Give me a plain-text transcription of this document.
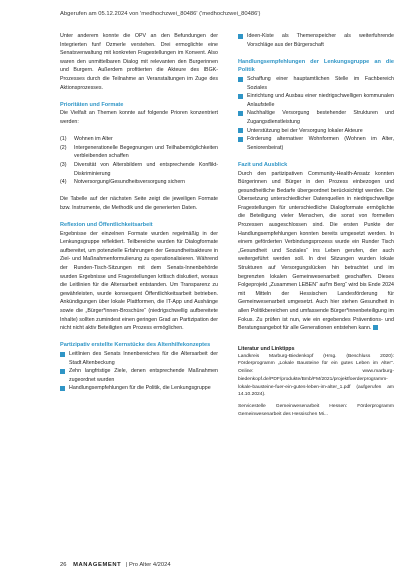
Abgerufen am 05.12.2024 von 'medhochzwei_80486' ('medhochzwei_80486')

Unter anderem konnte die OPV an den Befundungen der Integrierten funf Ozmerle verstehen. Drei ermoglichte eine Senatsverwaltung mit konkreten Fragestellungen im Konvent. Also waren den unmittelbaren Dialog mit relevanten den Burgerinnen und Burgern. Außerdem profitierten die Akteure des IBGK-Prozesses durch die Teilnahme an Veranstaltungen im Zuge des Aktionsprozesses.

Prioritäten und Formate

Die Vielfalt an Themen konnte auf folgende Prioren konzentriert werden:

(1)	Wohnen im Alter
(2)	Intergenerationelle Begegnungen und Teilhabemöglichkeiten verbleibenden schaffen
(3)	Diversität von Altersbildern und entsprechende Konflikt-Diskriminierung
(4)	Notversorgung/Gesundheitsversorgung sichern

Die Tabelle auf der nächsten Seite zeigt die jeweiligen Formate bzw. Instrumente, die Methodik und die generierten Daten.

Reflexion und Öffentlichkeitsarbeit

Ergebnisse der einzelnen Formate wurden regelmäßig in der Lenkungsgruppe reflektiert. Teilbereiche wurden für Dialogformate aufbereitet, um potenzielle Erfahrungen der Gesundheitsakteure in Ziel- und Maßnahmenformulierung zu operationalisieren. Während der Runden-Tisch-Sitzungen mit dem Senats-Innenbehörde wurden Ergebnisse und Fragestellungen kritisch diskutiert, woraus die Leitlinien für die Altersarbeit entstanden. Um Transparenz zu gewährleisten, wurde konsequent Öffentlichkeitsarbeit betrieben. Ankündigungen über lokale Plattformen, die IT-App und Aushänge sowie die „Bürger*innen-Broschüre“ (niedrigschwellig aufbereitete Inhalte) sollten zumindest einen geringen Grad an Partizipation der nicht nicht aktiv Beteiligten am Prozess ermöglichen.

Partizipativ erstellte Kernstücke des Altenhilfekonzeptes
Leitlinien des Senats Innenbereiches für die Altersarbeit der Stadt Altenbeckung
Zehn langfristige Ziele, denen entsprechende Maßnahmen zugeordnet wurden
Handlungsempfehlungen für die Politik, die Lenkungsgruppe
Ideen-Kiste als Themenspeicher als weiterfuhrende Vorschläge aus der Bürgerschaft
Handlungsempfehlungen der Lenkungsgruppe an die Politik
Schaffung einer hauptamtlichen Stelle im Fachbereich Soziales
Einrichtung und Ausbau einer niedrigschwelligen kommunalen Anlaufstelle
Nachhaltige Versorgung bestehender Strukturen und Zugangsdienstleistung
Unterstützung bei der Versorgung lokaler Akteure
Förderung alternativer Wohnformen (Wohnen im Alter, Seniorenbeirat)
Fazit und Ausblick

Durch den partizipativen Community-Health-Ansatz konnten Bürgerinnen und Bürger in den Prozess einbezogen und gesundheitliche Bedarfe übergeordnet berücksichtigt werden. Die Übersetzung unterschiedlicher Datenquellen in niedrigschwellige Fragestellungen für unterschiedliche Dialogformate ermöglichte die Beteiligung vieler Menschen, die sonst von formellen Prozessen ausgeschlossen sind. Die ersten Punkte der Handlungsempfehlungen konnten bereits umgesetzt werden. In einem geförderten Verbindungsprozess wurde ein Runder Tisch „Gesundheit und Soziales“ ins Leben gerufen, der auch weitergeführt werden soll. In drei Sitzungen wurden lokale Strukturen auf Versorgungslücken hin betrachtet und im begrenzten lokalen Gemeinwesenarbeit geschaffen. Dieses Folgeprojekt „Zusammen LEBEN“ auf'm Berg“ wird bis Ende 2024 mit Mitteln der Hessischen Landesförderung für Gemeinwesenarbeit umgesetzt. Auch hier stehen Gesundheit in allen Politikbereichen und umfassende Bürger*innenbeteiligung im Fokus. Zu prüfen ist nun, wie ein ergebendes Präventions- und Beratungsangebot für alle Generationen entstehen kann.

Literatur und Linktipps

Landkreis Marburg-Biedenkopf (Hrsg. (Beschluss 2020): Förderprogramm „Lokale Bausteine für ein gutes Leben im Alter“. Online: www.marburg-biedenkopf.de/PDF/produkte/Bmb/FM/2021/projektfoerderprogramm-lokale-bausteine-fuer-ein-gutes-leben-im-alter_1.pdf (aufgerufen am 14.10.2024).

Servicestelle Gemeinwesenarbeit Hessen: Förderprogramm Gemeinwesenarbeit des Hessischen Mi...

26 MANAGEMENT | Pro Alter 4/2024
